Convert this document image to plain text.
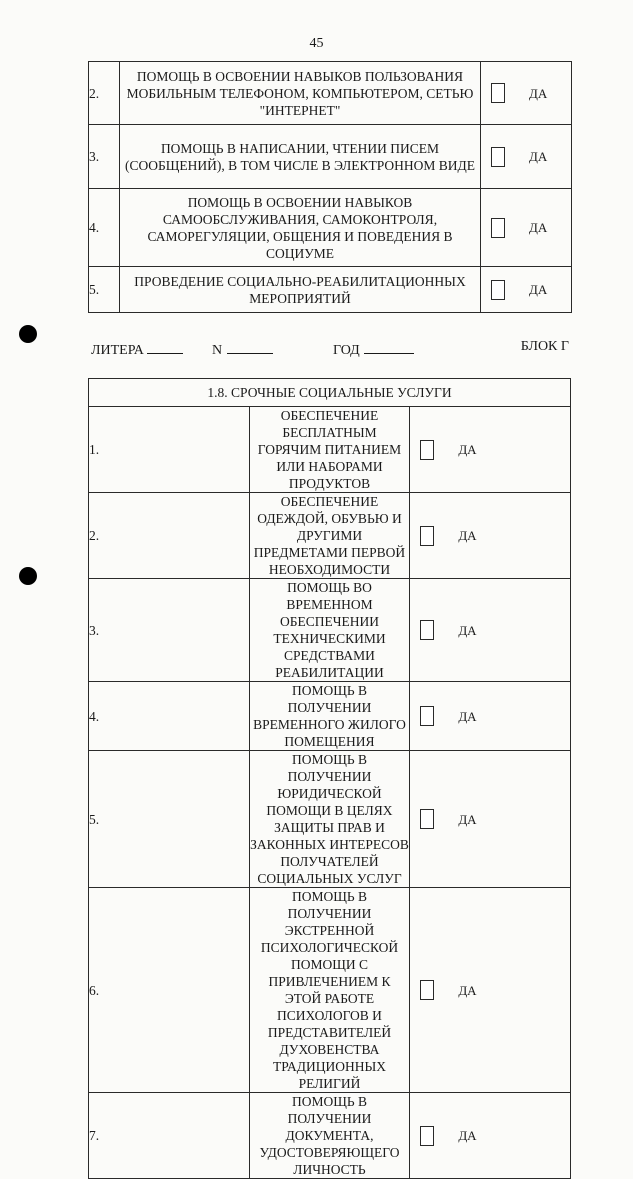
45
2.	ПОМОЩЬ В ОСВОЕНИИ НАВЫКОВ ПОЛЬЗОВАНИЯ МОБИЛЬНЫМ ТЕЛЕФОНОМ, КОМПЬЮТЕРОМ, СЕТЬЮ "ИНТЕРНЕТ"	ДА

3.	ПОМОЩЬ В НАПИСАНИИ, ЧТЕНИИ ПИСЕМ (СООБЩЕНИЙ), В ТОМ ЧИСЛЕ В ЭЛЕКТРОННОМ ВИДЕ	ДА

4.	ПОМОЩЬ В ОСВОЕНИИ НАВЫКОВ САМООБСЛУЖИВАНИЯ, САМОКОНТРОЛЯ, САМОРЕГУЛЯЦИИ, ОБЩЕНИЯ И ПОВЕДЕНИЯ В СОЦИУМЕ	ДА

5.	ПРОВЕДЕНИЕ СОЦИАЛЬНО-РЕАБИЛИТАЦИОННЫХ МЕРОПРИЯТИЙ	ДА
ЛИТЕРА	N	ГОД	БЛОК Г
1.8. СРОЧНЫЕ СОЦИАЛЬНЫЕ УСЛУГИ		
1.	ОБЕСПЕЧЕНИЕ БЕСПЛАТНЫМ ГОРЯЧИМ ПИТАНИЕМ ИЛИ НАБОРАМИ ПРОДУКТОВ	ДА

2.	ОБЕСПЕЧЕНИЕ ОДЕЖДОЙ, ОБУВЬЮ И ДРУГИМИ ПРЕДМЕТАМИ ПЕРВОЙ НЕОБХОДИМОСТИ	ДА

3.	ПОМОЩЬ ВО ВРЕМЕННОМ ОБЕСПЕЧЕНИИ ТЕХНИЧЕСКИМИ СРЕДСТВАМИ РЕАБИЛИТАЦИИ	ДА

4.	ПОМОЩЬ В ПОЛУЧЕНИИ ВРЕМЕННОГО ЖИЛОГО ПОМЕЩЕНИЯ	ДА

5.	ПОМОЩЬ В ПОЛУЧЕНИИ ЮРИДИЧЕСКОЙ ПОМОЩИ В ЦЕЛЯХ ЗАЩИТЫ ПРАВ И ЗАКОННЫХ ИНТЕРЕСОВ ПОЛУЧАТЕЛЕЙ СОЦИАЛЬНЫХ УСЛУГ	ДА

6.	ПОМОЩЬ В ПОЛУЧЕНИИ ЭКСТРЕННОЙ ПСИХОЛОГИЧЕСКОЙ ПОМОЩИ С ПРИВЛЕЧЕНИЕМ К ЭТОЙ РАБОТЕ ПСИХОЛОГОВ И ПРЕДСТАВИТЕЛЕЙ ДУХОВЕНСТВА ТРАДИЦИОННЫХ РЕЛИГИЙ	ДА

7.	ПОМОЩЬ В ПОЛУЧЕНИИ ДОКУМЕНТА, УДОСТОВЕРЯЮЩЕГО ЛИЧНОСТЬ	ДА
